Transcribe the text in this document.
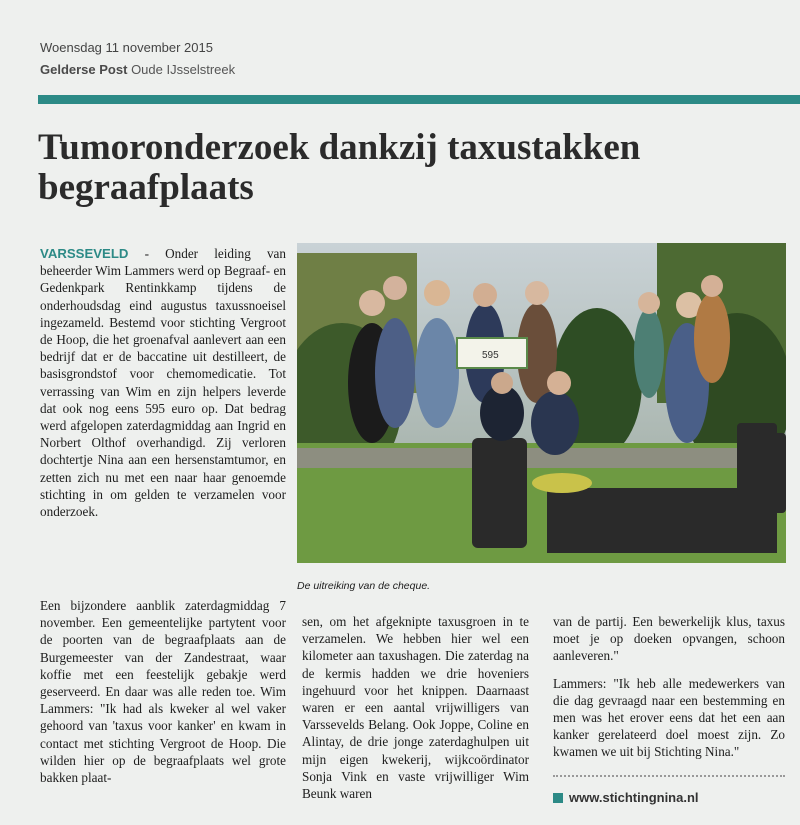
Woensdag 11 november 2015
Gelderse Post Oude IJsselstreek
Tumoronderzoek dankzij taxustakken begraafplaats

VARSSEVELD - Onder leiding van beheerder Wim Lammers werd op Begraaf- en Gedenkpark Rentinkkamp tijdens de onderhoudsdag eind augustus taxussnoeisel ingezameld. Bestemd voor stichting Vergroot de Hoop, die het groenafval aanlevert aan een bedrijf dat er de baccatine uit destilleert, de basisgrondstof voor chemomedicatie. Tot verrassing van Wim en zijn helpers leverde dat ook nog eens 595 euro op. Dat bedrag werd afgelopen zaterdagmiddag aan Ingrid en Norbert Olthof overhandigd. Zij verloren dochtertje Nina aan een hersenstamtumor, en zetten zich nu met een naar haar genoemde stichting in om gelden te verzamelen voor onderzoek.

Een bijzondere aanblik zaterdagmiddag 7 november. Een gemeentelijke partytent voor de poorten van de begraafplaats aan de Burgemeester van der Zandestraat, waar koffie met een feestelijk gebakje werd geserveerd. En daar was alle reden toe. Wim Lammers: "Ik had als kweker al wel vaker gehoord van 'taxus voor kanker' en kwam in contact met stichting Vergroot de Hoop. Die wilden hier op de begraafplaats wel grote bakken plaat-

595
De uitreiking van de cheque.

sen, om het afgeknipte taxusgroen in te verzamelen. We hebben hier wel een kilometer aan taxushagen. Die zaterdag na de kermis hadden we drie hoveniers ingehuurd voor het knippen. Daarnaast waren er een aantal vrijwilligers van Varssevelds Belang. Ook Joppe, Coline en Alintay, de drie jonge zaterdaghulpen uit mijn eigen kwekerij, wijkcoördinator Sonja Vink en vaste vrijwilliger Wim Beunk waren

van de partij. Een bewerkelijk klus, taxus moet je op doeken opvangen, schoon aanleveren."

Lammers: "Ik heb alle medewerkers van die dag gevraagd naar een bestemming en men was het erover eens dat het een aan kanker gerelateerd doel moest zijn. Zo kwamen we uit bij Stichting Nina."

www.stichtingnina.nl
